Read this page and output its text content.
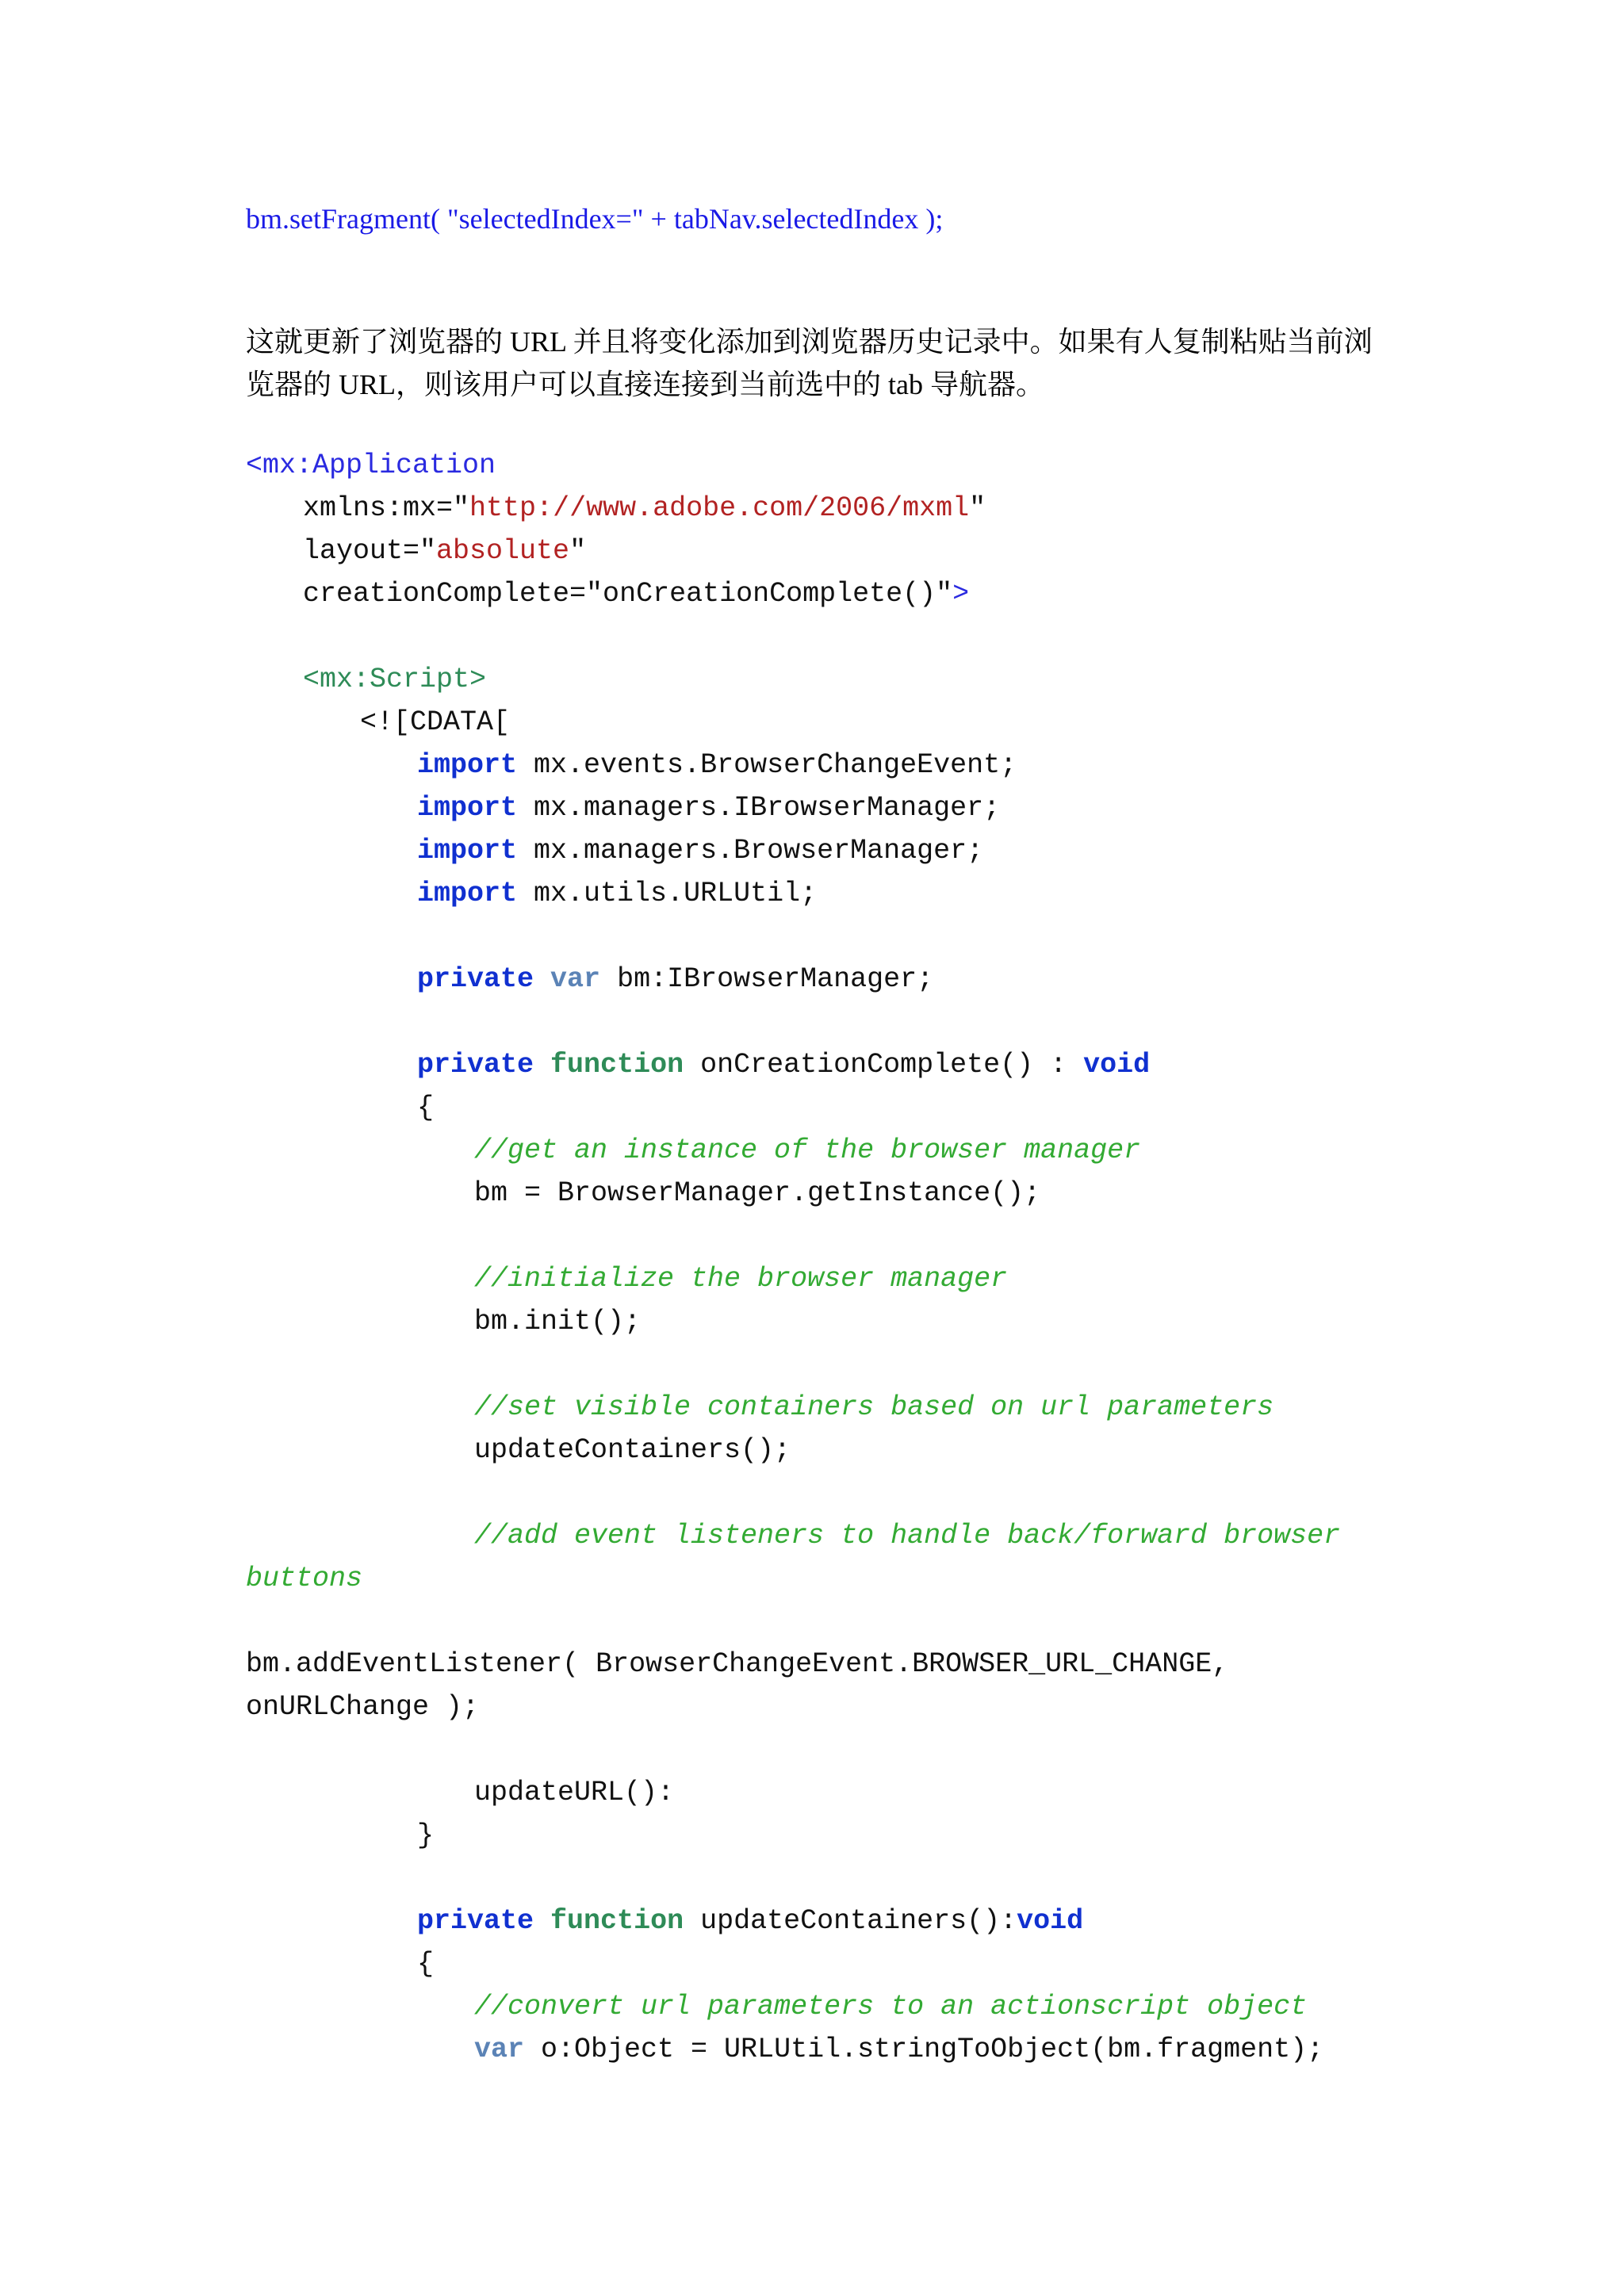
bm.setFragment( "selectedIndex=" + tabNav.selectedIndex );

这就更新了浏览器的 URL 并且将变化添加到浏览器历史记录中。如果有人复制粘贴当前浏

览器的 URL，则该用户可以直接连接到当前选中的 tab 导航器。

<mx:Application

xmlns:mx="http://www.adobe.com/2006/mxml"

layout="absolute"

creationComplete="onCreationComplete()">

<mx:Script>

<![CDATA[

import mx.events.BrowserChangeEvent;

import mx.managers.IBrowserManager;

import mx.managers.BrowserManager;

import mx.utils.URLUtil;

private var bm:IBrowserManager;

private function onCreationComplete() : void

{

//get an instance of the browser manager

bm = BrowserManager.getInstance();

//initialize the browser manager

bm.init();

//set visible containers based on url parameters

updateContainers();

//add event listeners to handle back/forward browser

buttons

bm.addEventListener( BrowserChangeEvent.BROWSER_URL_CHANGE,

onURLChange );

updateURL():

}

private function updateContainers():void

{

//convert url parameters to an actionscript object

var o:Object = URLUtil.stringToObject(bm.fragment);
